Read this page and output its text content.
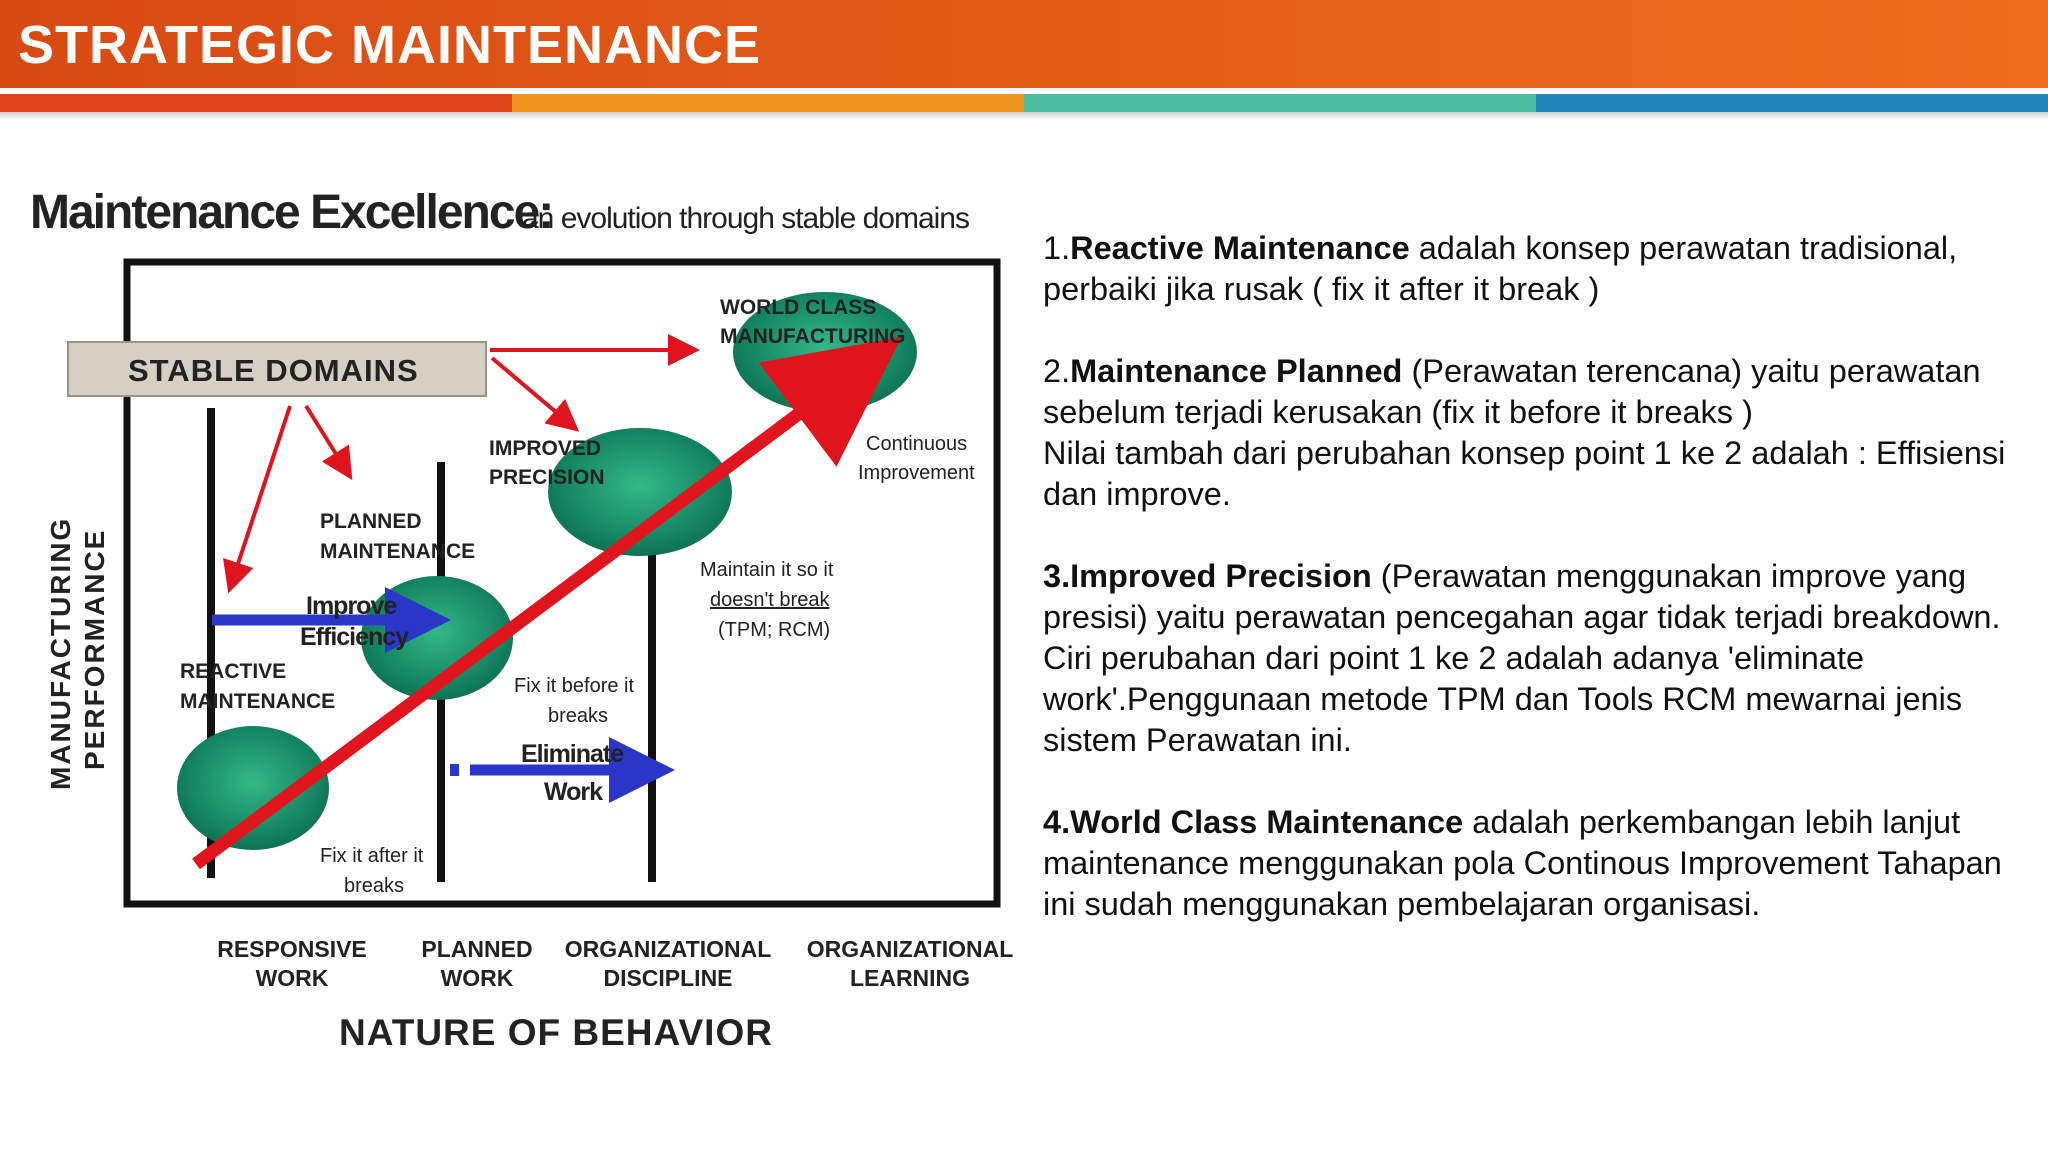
STRATEGIC MAINTENANCE
Maintenance Excellence:
an evolution through stable domains
STABLE DOMAINS
Improve
Efficiency
Eliminate
Work
WORLD CLASS
MANUFACTURING
IMPROVED
PRECISION
PLANNED
MAINTENANCE
REACTIVE
MAINTENANCE
Fix it after it
breaks
Fix it before it
breaks
Maintain it so it
doesn't break
(TPM; RCM)
Continuous
Improvement
MANUFACTURING PERFORMANCE
RESPONSIVE
WORK
PLANNED
WORK
ORGANIZATIONAL
DISCIPLINE
ORGANIZATIONAL
LEARNING
NATURE OF BEHAVIOR

1.Reactive Maintenance adalah konsep perawatan tradisional, perbaiki jika rusak ( fix it after it break )

2.Maintenance Planned (Perawatan terencana) yaitu perawatan sebelum terjadi kerusakan (fix it before it breaks )
Nilai tambah dari perubahan konsep point 1 ke 2 adalah : Effisiensi dan improve.

3.Improved Precision (Perawatan menggunakan improve yang presisi) yaitu perawatan pencegahan agar tidak terjadi breakdown. Ciri perubahan dari point 1 ke 2 adalah adanya 'eliminate work'.Penggunaan metode TPM dan Tools RCM mewarnai jenis sistem Perawatan ini.

4.World Class Maintenance adalah perkembangan lebih lanjut maintenance menggunakan pola Continous Improvement Tahapan ini sudah menggunakan pembelajaran organisasi.
